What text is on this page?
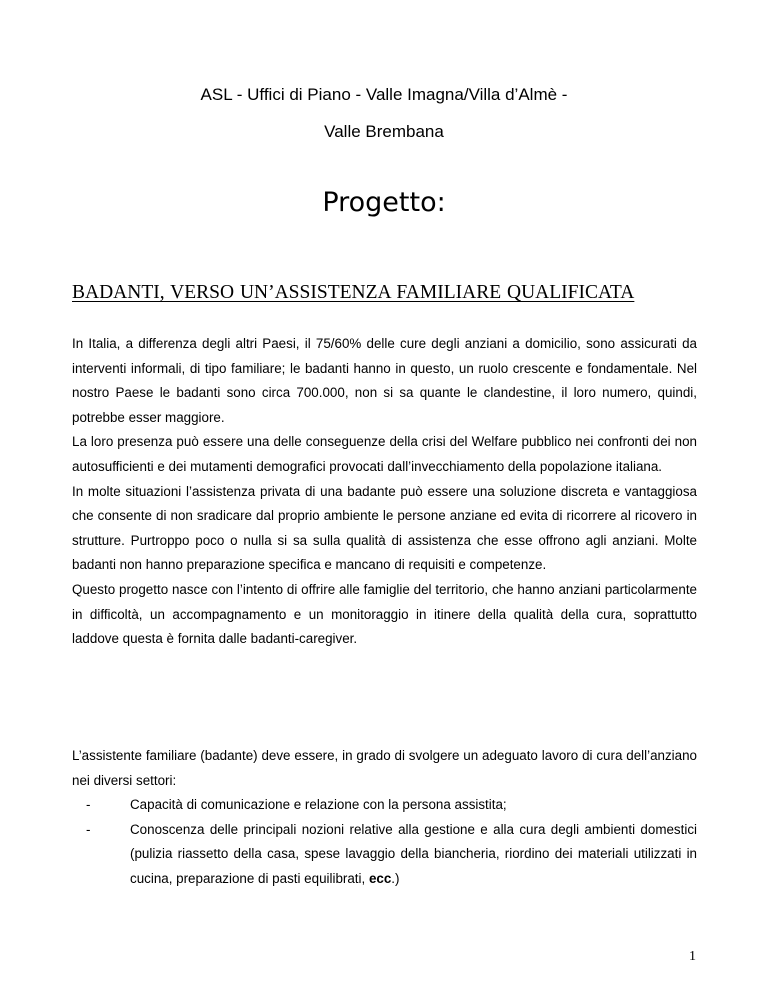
ASL - Uffici di Piano - Valle Imagna/Villa d’Almè -
Valle Brembana
Progetto:
BADANTI, VERSO UN’ASSISTENZA FAMILIARE QUALIFICATA

In Italia, a differenza degli altri Paesi, il 75/60% delle cure degli anziani a domicilio, sono assicurati da interventi informali, di tipo familiare; le badanti hanno in questo, un ruolo crescente e fondamentale. Nel nostro Paese le badanti sono circa 700.000, non si sa quante le clandestine, il loro numero, quindi, potrebbe esser maggiore.

La loro presenza può essere una delle conseguenze della crisi del Welfare pubblico nei confronti dei non autosufficienti e dei mutamenti demografici provocati dall’invecchiamento della popolazione italiana.

In molte situazioni l’assistenza privata di una badante può essere una soluzione discreta e vantaggiosa che consente di non sradicare dal proprio ambiente le persone anziane ed evita di ricorrere al ricovero in strutture. Purtroppo poco o nulla si sa sulla qualità di assistenza che esse offrono agli anziani. Molte badanti non hanno preparazione specifica e mancano di requisiti e competenze.

Questo progetto nasce con l’intento di offrire alle famiglie del territorio, che hanno anziani particolarmente in difficoltà, un accompagnamento e un monitoraggio in itinere della qualità della cura, soprattutto laddove questa è fornita dalle badanti-caregiver.

L’assistente familiare (badante) deve essere, in grado di svolgere un adeguato lavoro di cura dell’anziano nei diversi settori:

-	Capacità di comunicazione e relazione con la persona assistita;
-	Conoscenza delle principali nozioni relative alla gestione e alla cura degli ambienti domestici (pulizia riassetto della casa, spese lavaggio della biancheria, riordino dei materiali utilizzati in cucina, preparazione di pasti equilibrati, ecc.)
1
